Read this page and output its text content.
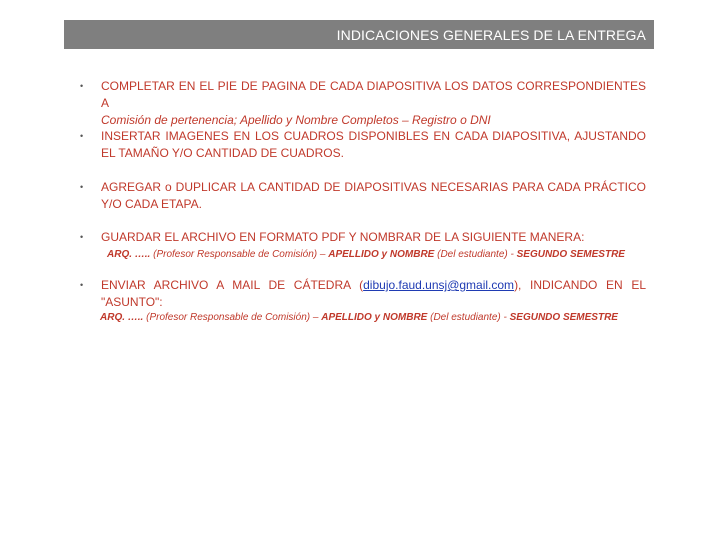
INDICACIONES GENERALES DE LA ENTREGA
•	COMPLETAR EN EL PIE DE PAGINA DE CADA DIAPOSITIVA LOS DATOS CORRESPONDIENTES A
Comisión de pertenencia; Apellido y Nombre Completos – Registro o DNI
•	INSERTAR IMAGENES EN LOS CUADROS DISPONIBLES EN CADA DIAPOSITIVA, AJUSTANDO EL TAMAÑO Y/O CANTIDAD DE CUADROS.
•	AGREGAR o DUPLICAR LA CANTIDAD DE DIAPOSITIVAS NECESARIAS PARA CADA PRÁCTICO Y/O CADA ETAPA.
•	GUARDAR EL ARCHIVO EN FORMATO PDF Y NOMBRAR DE LA SIGUIENTE MANERA:
ARQ. ….. (Profesor Responsable de Comisión) – APELLIDO y NOMBRE (Del estudiante) - SEGUNDO SEMESTRE
•	ENVIAR ARCHIVO A MAIL DE CÁTEDRA (dibujo.faud.unsj@gmail.com), INDICANDO EN EL "ASUNTO":
ARQ. ….. (Profesor Responsable de Comisión) – APELLIDO y NOMBRE (Del estudiante) - SEGUNDO SEMESTRE
